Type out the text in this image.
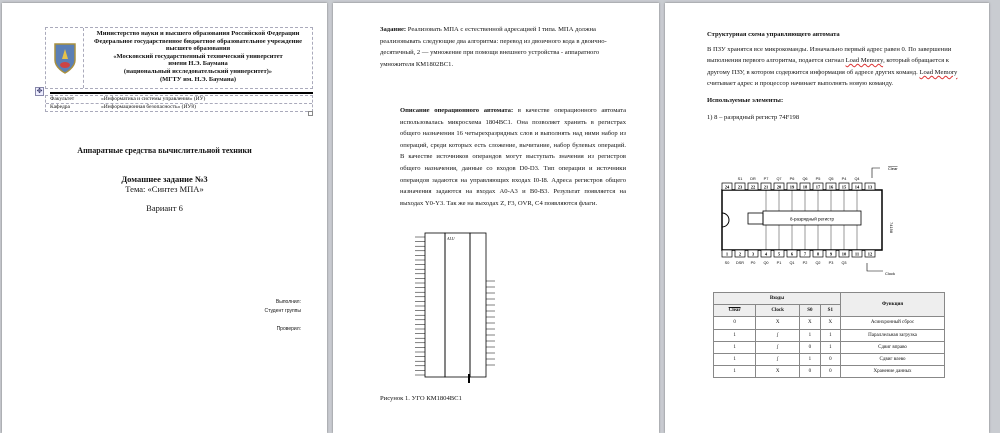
Министерство науки и высшего образования Российской Федерации
Федеральное государственное бюджетное образовательное учреждение
высшего образования
«Московский государственный технический университет
имени Н.Э. Баумана
(национальный исследовательский университет)»
(МГТУ им. Н.Э. Баумана)
✥
Факультет	«Информатика и системы управления» (ИУ)
Кафедра	«Информационная безопасность» (ИУ8)
Аппаратные средства вычислительной техники
Домашнее задание №3
Тема: «Синтез МПА»
Вариант 6
Выполнил:
Студент группы
Проверил:
Задание: Реализовать МПА с естественной адресацией I типа. МПА должна реализовывать следующие два алгоритма: перевод из двоичного кода в двоично-десятичный, 2 — умножение при помощи внешнего устройства - аппаратного умножителя КМ1802ВС1.
Описание операционного автомата: в качестве операционного автомата использовалась микросхема 1804ВС1. Она позволяет хранить в регистрах общего назначения 16 четырехразрядных слов и выполнять над ними набор из операций, среди которых есть сложение, вычитание, набор булевых операций. В качестве источников операндов могут выступать значения из регистров общего назначения, данные со входов D0-D3. Тип операции и источники операндов задаются на управляющих входах I0-I8. Адреса регистров общего назначения задаются на входах А0-А3 и В0-В3. Результат появляется на выходах Y0-Y3. Так же на выходах Z, F3, OVR, C4 появляются флаги.
ALU
Рисунок 1. УГО КМ1804ВС1
Структурная схема управляющего автомата
В ПЗУ хранятся все микрокоманды. Изначально первый адрес равен 0. По завершении выполнения первого алгоритма, подается сигнал Load Memory, который обращается к другому ПЗУ, в котором содержится информация об адресе других команд. Load Memory считывает адрес и процессор начинает выполнять новую команду.
Используемые элементы:
1) 8 – разрядный регистр 74F198
8-разрядный регистр
74198
Clear
Clock
24
1
S0
23
S1
2
DSR
22
DR
3
P0
21
P7
4
Q0
20
Q7
5
P1
19
P6
6
Q1
18
Q6
7
P2
17
P5
8
Q2
16
Q5
9
P3
15
P4
10
Q3
14
Q4
11
13
12
Входы				Функция
Clear	Clock	S0	S1	
0	X	X	X	Асинхронный сброс
1	ʃ	1	1	Параллельная загрузка
1	ʃ	0	1	Сдвиг вправо
1	ʃ	1	0	Сдвиг влево
1	X	0	0	Хранение данных
